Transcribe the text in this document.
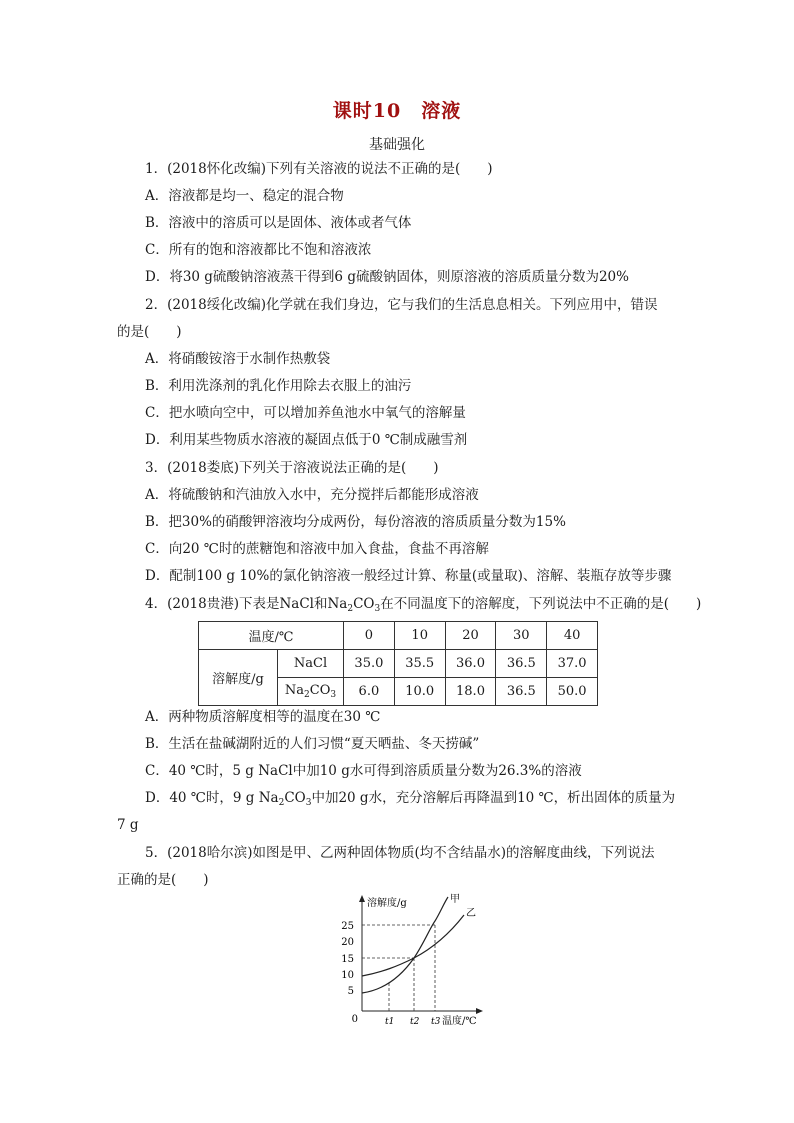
课时10　溶液
基础强化
1．(2018怀化改编)下列有关溶液的说法不正确的是(　　)
A．溶液都是均一、稳定的混合物
B．溶液中的溶质可以是固体、液体或者气体
C．所有的饱和溶液都比不饱和溶液浓
D．将30 g硫酸钠溶液蒸干得到6 g硫酸钠固体，则原溶液的溶质质量分数为20%
2．(2018绥化改编)化学就在我们身边，它与我们的生活息息相关。下列应用中，错误
的是(　　)
A．将硝酸铵溶于水制作热敷袋
B．利用洗涤剂的乳化作用除去衣服上的油污
C．把水喷向空中，可以增加养鱼池水中氧气的溶解量
D．利用某些物质水溶液的凝固点低于0 ℃制成融雪剂
3．(2018娄底)下列关于溶液说法正确的是(　　)
A．将硫酸钠和汽油放入水中，充分搅拌后都能形成溶液
B．把30%的硝酸钾溶液均分成两份，每份溶液的溶质质量分数为15%
C．向20 ℃时的蔗糖饱和溶液中加入食盐，食盐不再溶解
D．配制100 g 10%的氯化钠溶液一般经过计算、称量(或量取)、溶解、装瓶存放等步骤
4．(2018贵港)下表是NaCl和$Na_2CO_3$在不同温度下的溶解度，下列说法中不正确的是(　　)
温度/℃		0	10	20	30	40
溶解度/g	NaCl	35.0	35.5	36.0	36.5	37.0
	$Na_2CO_3$	6.0	10.0	18.0	36.5	50.0
A．两种物质溶解度相等的温度在30 ℃
B．生活在盐碱湖附近的人们习惯“夏天晒盐、冬天捞碱”
C．40 ℃时，5 g NaCl中加10 g水可得到溶质质量分数为26.3%的溶液
D．40 ℃时，9 g $Na_2CO_3$中加20 g水，充分溶解后再降温到10 ℃，析出固体的质量为
7 g
5．(2018哈尔滨)如图是甲、乙两种固体物质(均不含结晶水)的溶解度曲线，下列说法
正确的是(　　)
5
10
15
20
25
0
溶解度/g	甲
乙
t1 t2 t3 温度/℃
